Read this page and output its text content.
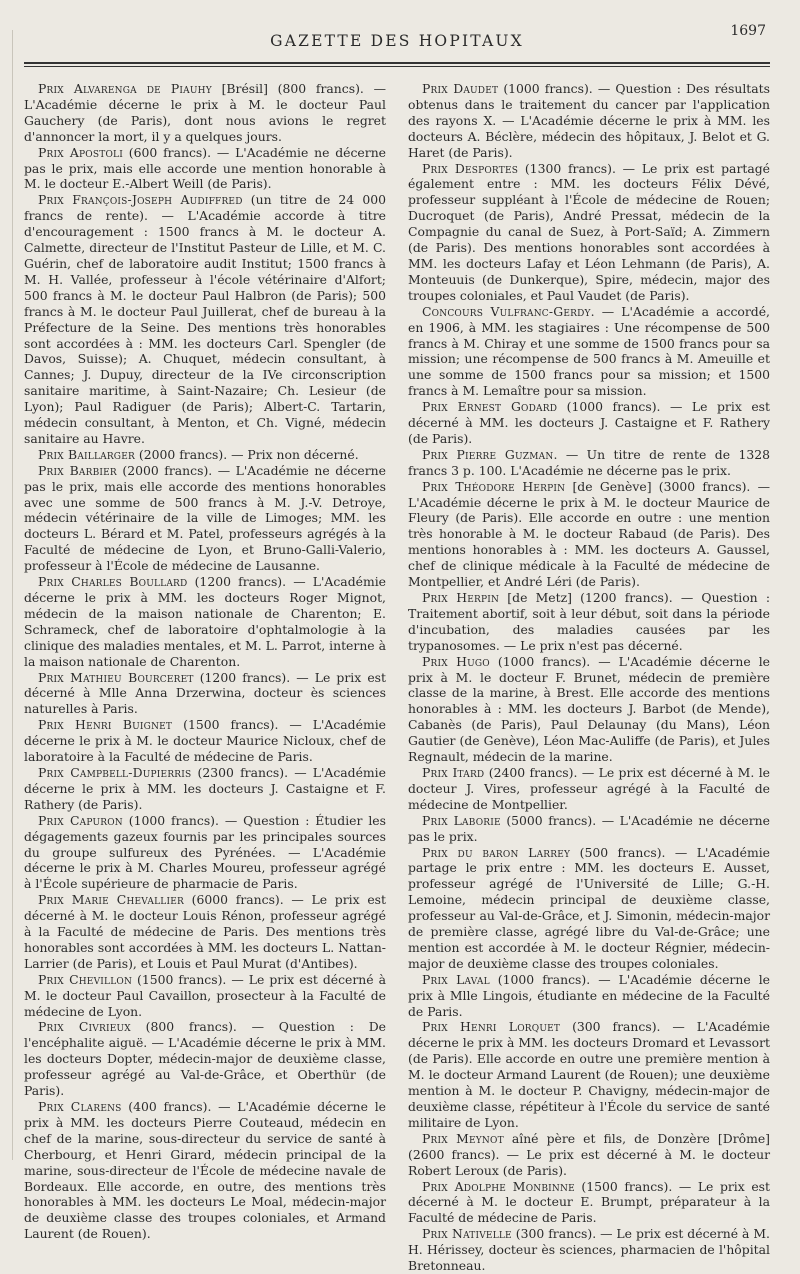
GAZETTE DES HOPITAUX
1697

Prix Alvarenga de Piauhy [Brésil] (800 francs). — L'Académie décerne le prix à M. le docteur Paul Gauchery (de Paris), dont nous avions le regret d'annoncer la mort, il y a quelques jours.

Prix Apostoli (600 francs). — L'Académie ne décerne pas le prix, mais elle accorde une mention honorable à M. le docteur E.-Albert Weill (de Paris).

Prix François-Joseph Audiffred (un titre de 24 000 francs de rente). — L'Académie accorde à titre d'encouragement : 1500 francs à M. le docteur A. Calmette, directeur de l'Institut Pasteur de Lille, et M. C. Guérin, chef de laboratoire audit Institut; 1500 francs à M. H. Vallée, professeur à l'école vétérinaire d'Alfort; 500 francs à M. le docteur Paul Halbron (de Paris); 500 francs à M. le docteur Paul Juillerat, chef de bureau à la Préfecture de la Seine. Des mentions très honorables sont accordées à : MM. les docteurs Carl. Spengler (de Davos, Suisse); A. Chuquet, médecin consultant, à Cannes; J. Dupuy, directeur de la IVe circonscription sanitaire maritime, à Saint-Nazaire; Ch. Lesieur (de Lyon); Paul Radiguer (de Paris); Albert-C. Tartarin, médecin consultant, à Menton, et Ch. Vigné, médecin sanitaire au Havre.

Prix Baillarger (2000 francs). — Prix non décerné.

Prix Barbier (2000 francs). — L'Académie ne décerne pas le prix, mais elle accorde des mentions honorables avec une somme de 500 francs à M. J.-V. Detroye, médecin vétérinaire de la ville de Limoges; MM. les docteurs L. Bérard et M. Patel, professeurs agrégés à la Faculté de médecine de Lyon, et Bruno-Galli-Valerio, professeur à l'École de médecine de Lausanne.

Prix Charles Boullard (1200 francs). — L'Académie décerne le prix à MM. les docteurs Roger Mignot, médecin de la maison nationale de Charenton; E. Schrameck, chef de laboratoire d'ophtalmologie à la clinique des maladies mentales, et M. L. Parrot, interne à la maison nationale de Charenton.

Prix Mathieu Bourceret (1200 francs). — Le prix est décerné à Mlle Anna Drzerwina, docteur ès sciences naturelles à Paris.

Prix Henri Buignet (1500 francs). — L'Académie décerne le prix à M. le docteur Maurice Nicloux, chef de laboratoire à la Faculté de médecine de Paris.

Prix Campbell-Dupierris (2300 francs). — L'Académie décerne le prix à MM. les docteurs J. Castaigne et F. Rathery (de Paris).

Prix Capuron (1000 francs). — Question : Étudier les dégagements gazeux fournis par les principales sources du groupe sulfureux des Pyrénées. — L'Académie décerne le prix à M. Charles Moureu, professeur agrégé à l'École supérieure de pharmacie de Paris.

Prix Marie Chevallier (6000 francs). — Le prix est décerné à M. le docteur Louis Rénon, professeur agrégé à la Faculté de médecine de Paris. Des mentions très honorables sont accordées à MM. les docteurs L. Nattan-Larrier (de Paris), et Louis et Paul Murat (d'Antibes).

Prix Chevillon (1500 francs). — Le prix est décerné à M. le docteur Paul Cavaillon, prosecteur à la Faculté de médecine de Lyon.

Prix Civrieux (800 francs). — Question : De l'encéphalite aiguë. — L'Académie décerne le prix à MM. les docteurs Dopter, médecin-major de deuxième classe, professeur agrégé au Val-de-Grâce, et Oberthür (de Paris).

Prix Clarens (400 francs). — L'Académie décerne le prix à MM. les docteurs Pierre Couteaud, médecin en chef de la marine, sous-directeur du service de santé à Cherbourg, et Henri Girard, médecin principal de la marine, sous-directeur de l'École de médecine navale de Bordeaux. Elle accorde, en outre, des mentions très honorables à MM. les docteurs Le Moal, médecin-major de deuxième classe des troupes coloniales, et Armand Laurent (de Rouen).

Prix Daudet (1000 francs). — Question : Des résultats obtenus dans le traitement du cancer par l'application des rayons X. — L'Académie décerne le prix à MM. les docteurs A. Béclère, médecin des hôpitaux, J. Belot et G. Haret (de Paris).

Prix Desportes (1300 francs). — Le prix est partagé également entre : MM. les docteurs Félix Dévé, professeur suppléant à l'École de médecine de Rouen; Ducroquet (de Paris), André Pressat, médecin de la Compagnie du canal de Suez, à Port-Saïd; A. Zimmern (de Paris). Des mentions honorables sont accordées à MM. les docteurs Lafay et Léon Lehmann (de Paris), A. Monteuuis (de Dunkerque), Spire, médecin, major des troupes coloniales, et Paul Vaudet (de Paris).

Concours Vulfranc-Gerdy. — L'Académie a accordé, en 1906, à MM. les stagiaires : Une récompense de 500 francs à M. Chiray et une somme de 1500 francs pour sa mission; une récompense de 500 francs à M. Ameuille et une somme de 1500 francs pour sa mission; et 1500 francs à M. Lemaître pour sa mission.

Prix Ernest Godard (1000 francs). — Le prix est décerné à MM. les docteurs J. Castaigne et F. Rathery (de Paris).

Prix Pierre Guzman. — Un titre de rente de 1328 francs 3 p. 100. L'Académie ne décerne pas le prix.

Prix Théodore Herpin [de Genève] (3000 francs). — L'Académie décerne le prix à M. le docteur Maurice de Fleury (de Paris). Elle accorde en outre : une mention très honorable à M. le docteur Rabaud (de Paris). Des mentions honorables à : MM. les docteurs A. Gaussel, chef de clinique médicale à la Faculté de médecine de Montpellier, et André Léri (de Paris).

Prix Herpin [de Metz] (1200 francs). — Question : Traitement abortif, soit à leur début, soit dans la période d'incubation, des maladies causées par les trypanosomes. — Le prix n'est pas décerné.

Prix Hugo (1000 francs). — L'Académie décerne le prix à M. le docteur F. Brunet, médecin de première classe de la marine, à Brest. Elle accorde des mentions honorables à : MM. les docteurs J. Barbot (de Mende), Cabanès (de Paris), Paul Delaunay (du Mans), Léon Gautier (de Genève), Léon Mac-Auliffe (de Paris), et Jules Regnault, médecin de la marine.

Prix Itard (2400 francs). — Le prix est décerné à M. le docteur J. Vires, professeur agrégé à la Faculté de médecine de Montpellier.

Prix Laborie (5000 francs). — L'Académie ne décerne pas le prix.

Prix du baron Larrey (500 francs). — L'Académie partage le prix entre : MM. les docteurs E. Ausset, professeur agrégé de l'Université de Lille; G.-H. Lemoine, médecin principal de deuxième classe, professeur au Val-de-Grâce, et J. Simonin, médecin-major de première classe, agrégé libre du Val-de-Grâce; une mention est accordée à M. le docteur Régnier, médecin-major de deuxième classe des troupes coloniales.

Prix Laval (1000 francs). — L'Académie décerne le prix à Mlle Lingois, étudiante en médecine de la Faculté de Paris.

Prix Henri Lorquet (300 francs). — L'Académie décerne le prix à MM. les docteurs Dromard et Levassort (de Paris). Elle accorde en outre une première mention à M. le docteur Armand Laurent (de Rouen); une deuxième mention à M. le docteur P. Chavigny, médecin-major de deuxième classe, répétiteur à l'École du service de santé militaire de Lyon.

Prix Meynot aîné père et fils, de Donzère [Drôme] (2600 francs). — Le prix est décerné à M. le docteur Robert Leroux (de Paris).

Prix Adolphe Monbinne (1500 francs). — Le prix est décerné à M. le docteur E. Brumpt, préparateur à la Faculté de médecine de Paris.

Prix Nativelle (300 francs). — Le prix est décerné à M. H. Hérissey, docteur ès sciences, pharmacien de l'hôpital Bretonneau.
